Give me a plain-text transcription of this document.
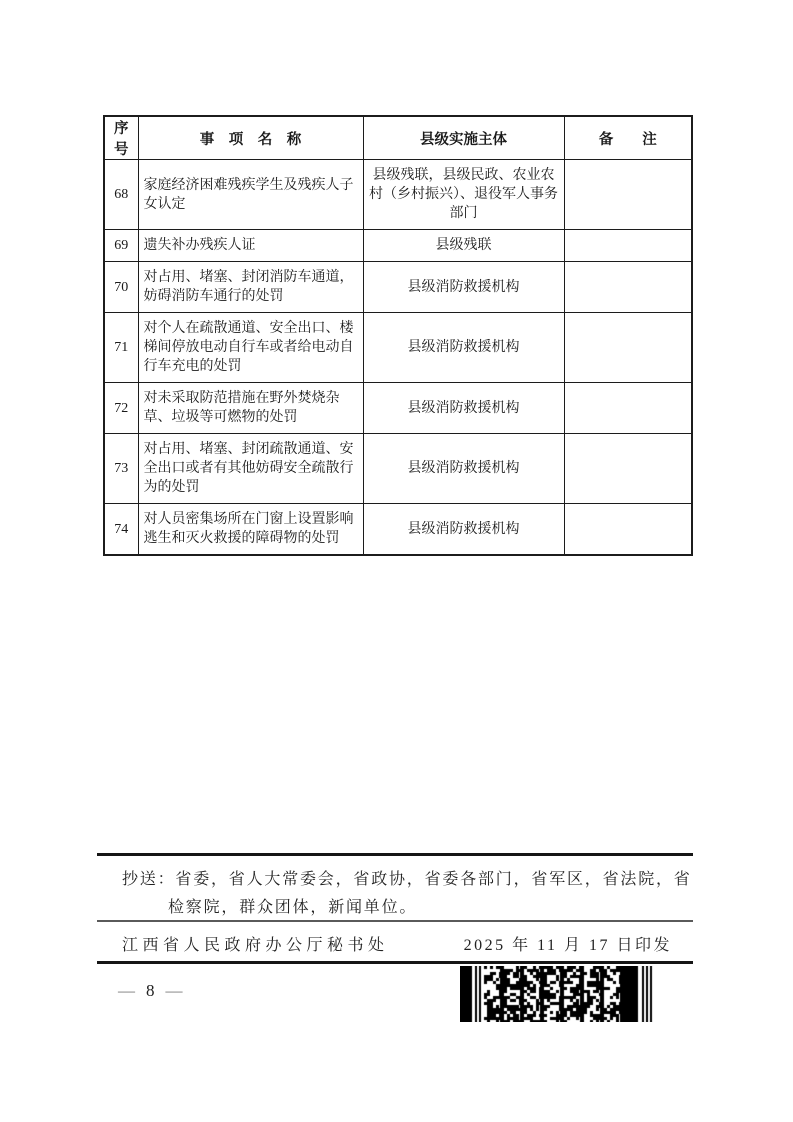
序号	事　项　名　称	县级实施主体	备　　注
68	家庭经济困难残疾学生及残疾人子女认定	县级残联，县级民政、农业农村（乡村振兴）、退役军人事务部门	
69	遗失补办残疾人证	县级残联	
70	对占用、堵塞、封闭消防车通道，妨碍消防车通行的处罚	县级消防救援机构	
71	对个人在疏散通道、安全出口、楼梯间停放电动自行车或者给电动自行车充电的处罚	县级消防救援机构	
72	对未采取防范措施在野外焚烧杂草、垃圾等可燃物的处罚	县级消防救援机构	
73	对占用、堵塞、封闭疏散通道、安全出口或者有其他妨碍安全疏散行为的处罚	县级消防救援机构	
74	对人员密集场所在门窗上设置影响逃生和灭火救援的障碍物的处罚	县级消防救援机构	
抄送：省委，省人大常委会，省政协，省委各部门，省军区，省法院，省
检察院，群众团体，新闻单位。
江西省人民政府办公厅秘书处	2025 年 11 月 17 日印发
— 8 —
